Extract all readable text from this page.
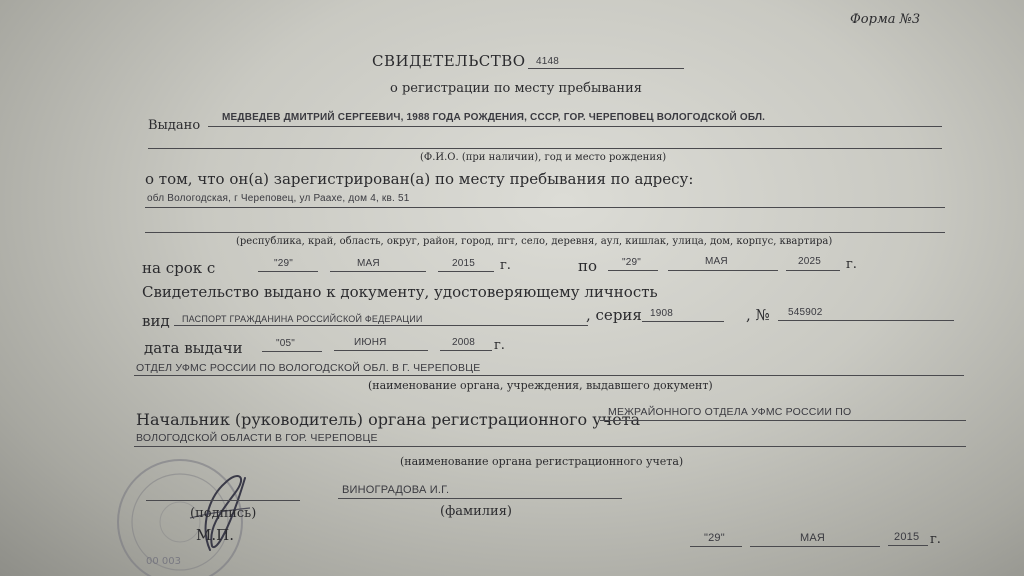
00 003
Форма №3
СВИДЕТЕЛЬСТВО 4148
о регистрации по месту пребывания
Выдано
МЕДВЕДЕВ ДМИТРИЙ СЕРГЕЕВИЧ, 1988 ГОДА РОЖДЕНИЯ, СССР, ГОР. ЧЕРЕПОВЕЦ ВОЛОГОДСКОЙ ОБЛ.
(Ф.И.О. (при наличии), год и место рождения)
о том, что он(а) зарегистрирован(а) по месту пребывания по адресу:
обл Вологодская, г Череповец, ул Раахе, дом 4, кв. 51
(республика, край, область, округ, район, город, пгт, село, деревня, аул, кишлак, улица, дом, корпус, квартира)
на срок с	"29"	МАЯ	2015 г.	по "29"	МАЯ	2025 г.
Свидетельство выдано к документу, удостоверяющему личность
вид ПАСПОРТ ГРАЖДАНИНА РОССИЙСКОЙ ФЕДЕРАЦИИ	, серия 1908	, № 545902
дата выдачи	"05"	ИЮНЯ	2008 г.
ОТДЕЛ УФМС РОССИИ ПО ВОЛОГОДСКОЙ ОБЛ. В Г. ЧЕРЕПОВЦЕ
(наименование органа, учреждения, выдавшего документ)
Начальник (руководитель) органа регистрационного учета
МЕЖРАЙОННОГО ОТДЕЛА УФМС РОССИИ ПО
ВОЛОГОДСКОЙ ОБЛАСТИ В ГОР. ЧЕРЕПОВЦЕ
(наименование органа регистрационного учета)
(подпись)
ВИНОГРАДОВА И.Г.
(фамилия)
М.П.	"29"	МАЯ	2015 г.
